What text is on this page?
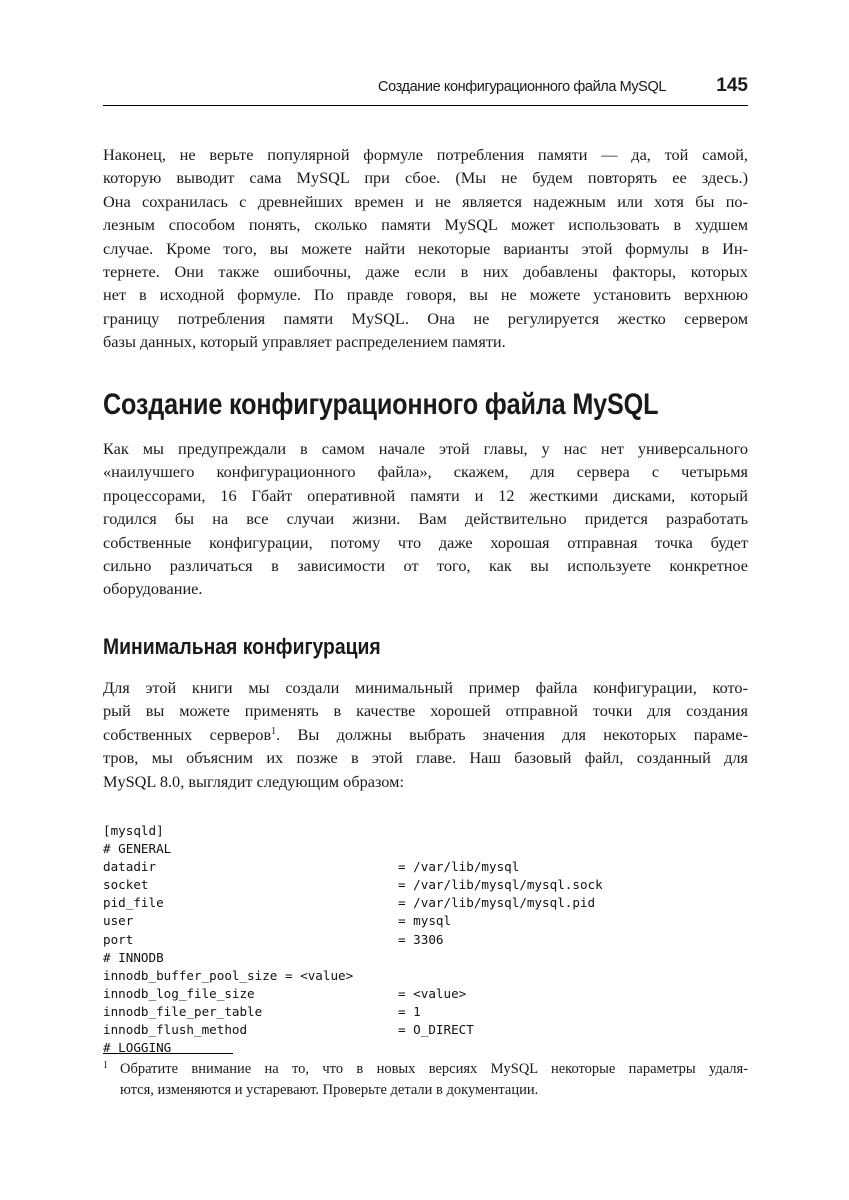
Создание конфигурационного файла MySQL	145

Наконец, не верьте популярной формуле потребления памяти — да, той самой,
которую выводит сама MySQL при сбое. (Мы не будем повторять ее здесь.)
Она сохранилась с древнейших времен и не является надежным или хотя бы по-
лезным способом понять, сколько памяти MySQL может использовать в худшем
случае. Кроме того, вы можете найти некоторые варианты этой формулы в Ин-
тернете. Они также ошибочны, даже если в них добавлены факторы, которых
нет в исходной формуле. По правде говоря, вы не можете установить верхнюю
границу потребления памяти MySQL. Она не регулируется жестко сервером
базы данных, который управляет распределением памяти.

Создание конфигурационного файла MySQL

Как мы предупреждали в самом начале этой главы, у нас нет универсального
«наилучшего конфигурационного файла», скажем, для сервера с четырьмя
процессорами, 16 Гбайт оперативной памяти и 12 жесткими дисками, который
годился бы на все случаи жизни. Вам действительно придется разработать
собственные конфигурации, потому что даже хорошая отправная точка будет
сильно различаться в зависимости от того, как вы используете конкретное
оборудование.

Минимальная конфигурация

Для этой книги мы создали минимальный пример файла конфигурации, кото-
рый вы можете применять в качестве хорошей отправной точки для создания
собственных серверов$^1$. Вы должны выбрать значения для некоторых параме-
тров, мы объясним их позже в этой главе. Наш базовый файл, созданный для
MySQL 8.0, выглядит следующим образом:

[mysqld]
# GENERAL
datadir	= /var/lib/mysql
socket	= /var/lib/mysql/mysql.sock
pid_file	= /var/lib/mysql/mysql.pid
user	= mysql
port	= 3306
# INNODB
innodb_buffer_pool_size = <value>
innodb_log_file_size	= <value>
innodb_file_per_table	= 1
innodb_flush_method	= O_DIRECT
# LOGGING
1 Обратите внимание на то, что в новых версиях MySQL некоторые параметры удаля-
ются, изменяются и устаревают. Проверьте детали в документации.
